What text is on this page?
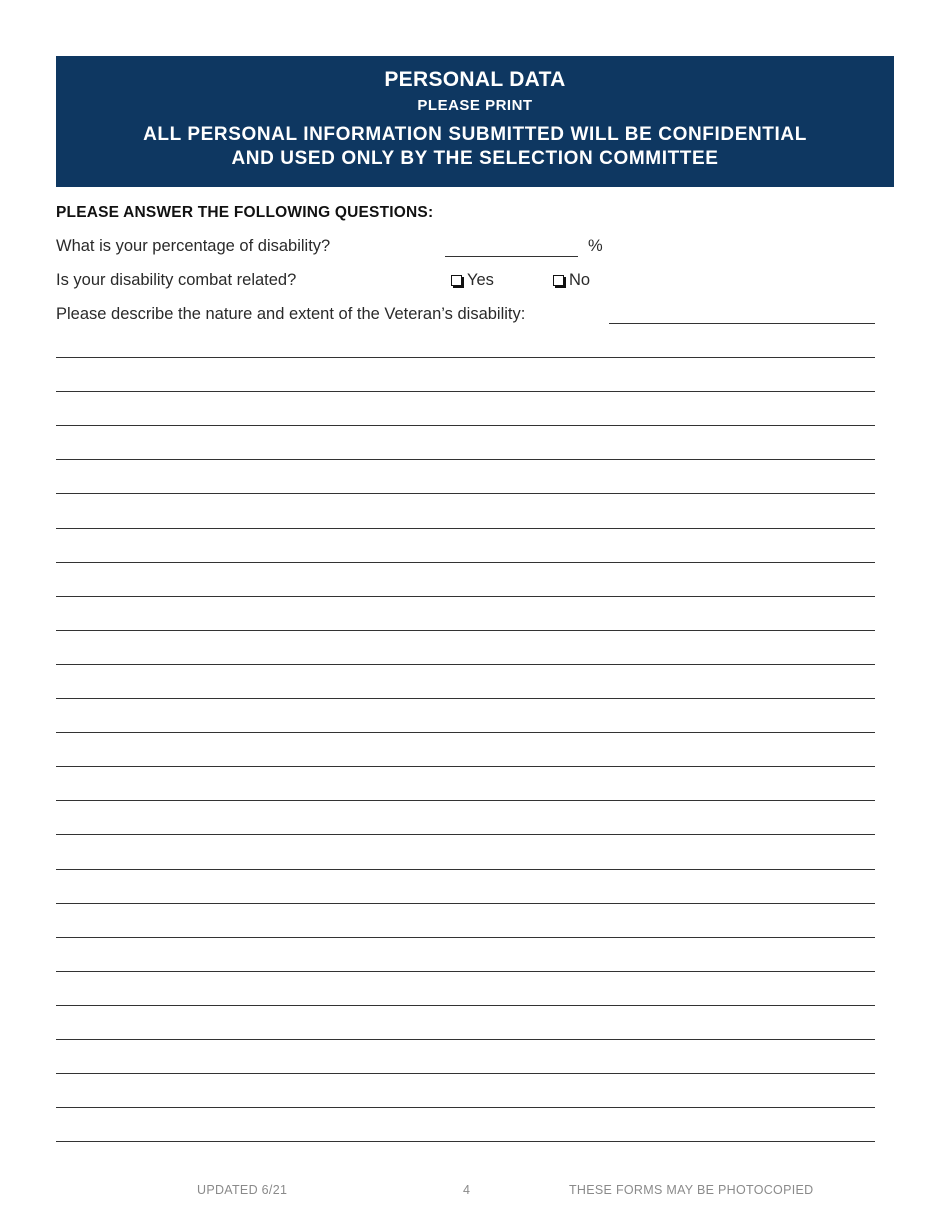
PERSONAL DATA
PLEASE PRINT
ALL PERSONAL INFORMATION SUBMITTED WILL BE CONFIDENTIAL
AND USED ONLY BY THE SELECTION COMMITTEE
PLEASE ANSWER THE FOLLOWING QUESTIONS:
What is your percentage of disability?	%
Is your disability combat related?	Yes	No
Please describe the nature and extent of the Veteran’s disability:
UPDATED 6/21	4	THESE FORMS MAY BE PHOTOCOPIED
